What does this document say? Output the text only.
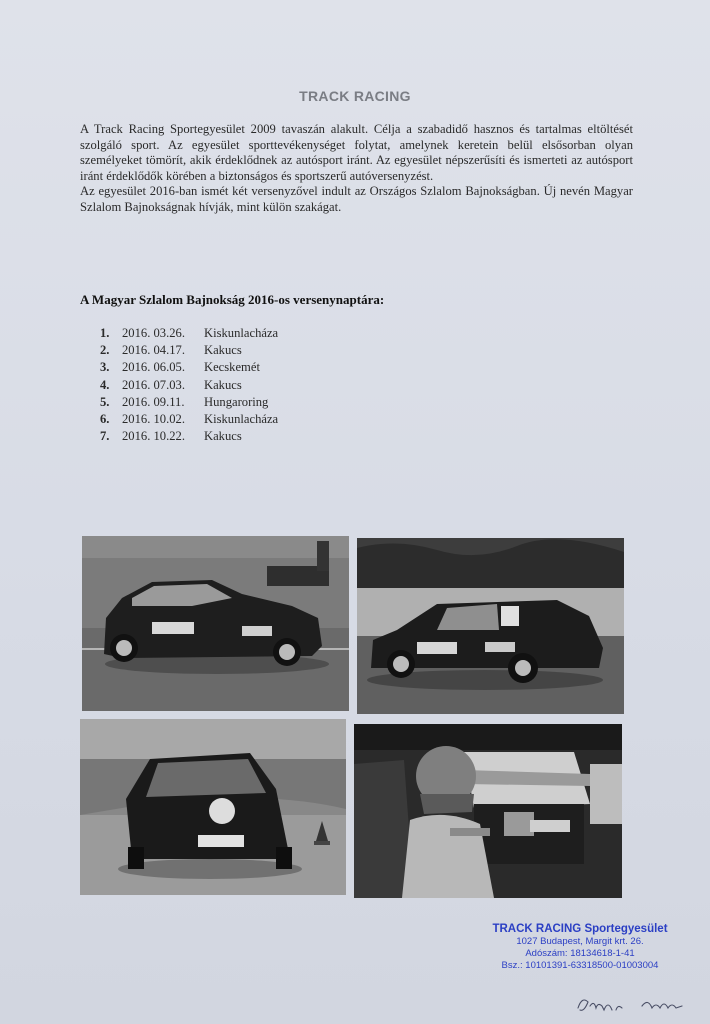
TRACK RACING

A Track Racing Sportegyesület 2009 tavaszán alakult. Célja a szabadidő hasznos és tartalmas eltöltését szolgáló sport. Az egyesület sporttevékenységet folytat, amelynek keretein belül elsősorban olyan személyeket tömörít, akik érdeklődnek az autósport iránt. Az egyesület népszerűsíti és ismerteti az autósport iránt érdeklődők körében a biztonságos és sportszerű autóversenyzést.

Az egyesület 2016-ban ismét két versenyzővel indult az Országos Szlalom Bajnokságban. Új nevén Magyar Szlalom Bajnokságnak hívják, mint külön szakágat.

A Magyar Szlalom Bajnokság 2016-os versenynaptára:
1. 2016. 03.26.	Kiskunlacháza
2. 2016. 04.17.	Kakucs
3. 2016. 06.05.	Kecskemét
4. 2016. 07.03.	Kakucs
5. 2016. 09.11.	Hungaroring
6. 2016. 10.02.	Kiskunlacháza
7. 2016. 10.22.	Kakucs
TRACK RACING Sportegyesület
1027 Budapest, Margit krt. 26.
Adószám: 18134618-1-41
Bsz.: 10101391-63318500-01003004
